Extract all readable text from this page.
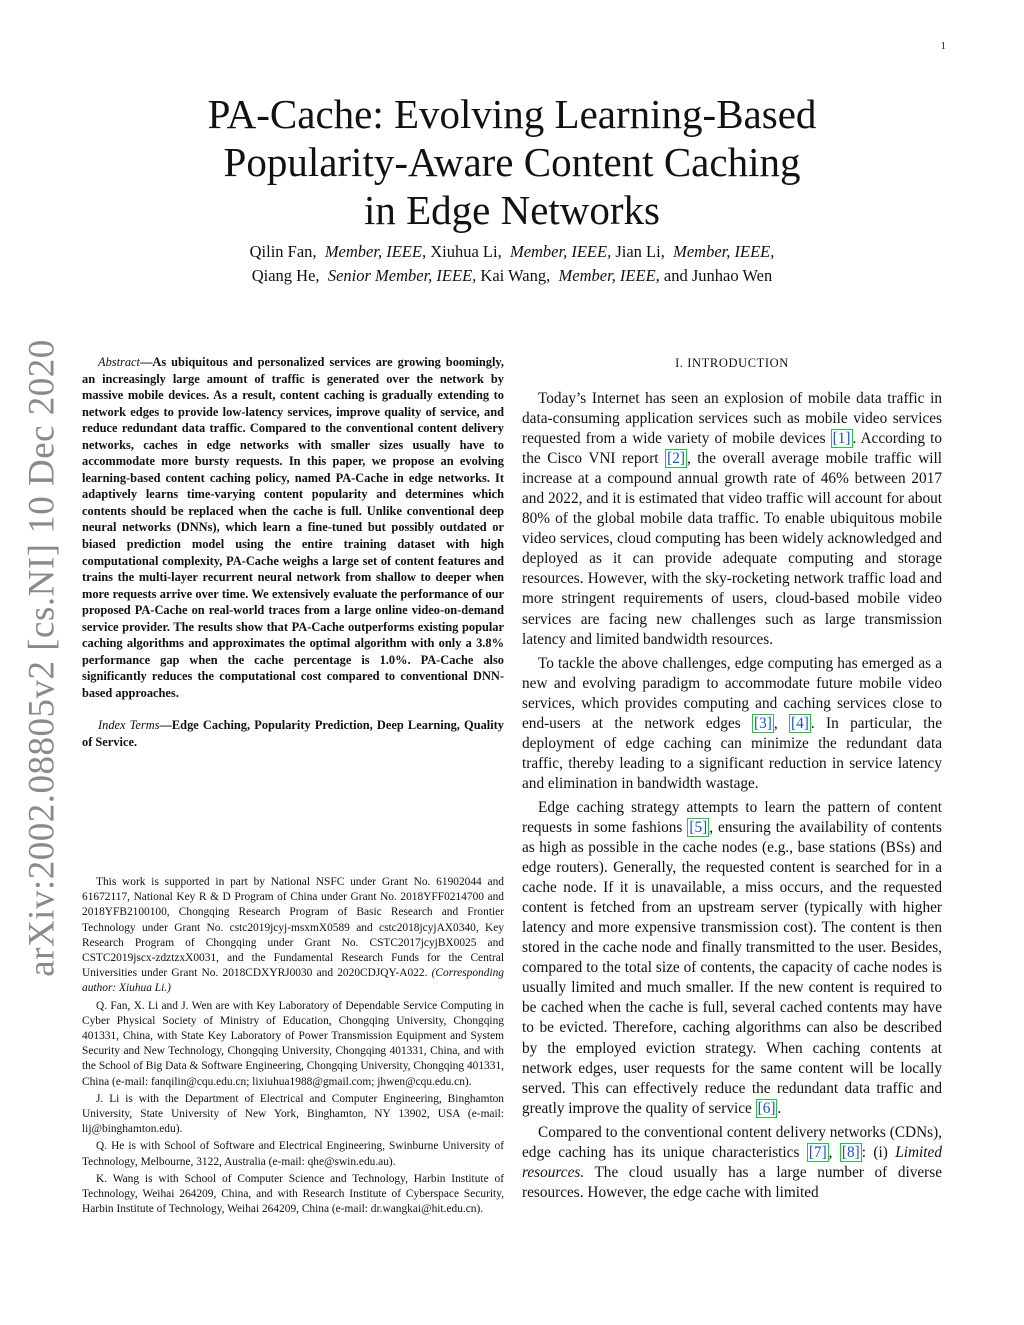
1
arXiv:2002.08805v2 [cs.NI] 10 Dec 2020
PA-Cache: Evolving Learning-Based
Popularity-Aware Content Caching
in Edge Networks
Qilin Fan, Member, IEEE, Xiuhua Li, Member, IEEE, Jian Li, Member, IEEE,
Qiang He, Senior Member, IEEE, Kai Wang, Member, IEEE, and Junhao Wen

Abstract—As ubiquitous and personalized services are growing boomingly, an increasingly large amount of traffic is generated over the network by massive mobile devices. As a result, content caching is gradually extending to network edges to provide low-latency services, improve quality of service, and reduce redundant data traffic. Compared to the conventional content delivery networks, caches in edge networks with smaller sizes usually have to accommodate more bursty requests. In this paper, we propose an evolving learning-based content caching policy, named PA-Cache in edge networks. It adaptively learns time-varying content popularity and determines which contents should be replaced when the cache is full. Unlike conventional deep neural networks (DNNs), which learn a fine-tuned but possibly outdated or biased prediction model using the entire training dataset with high computational complexity, PA-Cache weighs a large set of content features and trains the multi-layer recurrent neural network from shallow to deeper when more requests arrive over time. We extensively evaluate the performance of our proposed PA-Cache on real-world traces from a large online video-on-demand service provider. The results show that PA-Cache outperforms existing popular caching algorithms and approximates the optimal algorithm with only a 3.8% performance gap when the cache percentage is 1.0%. PA-Cache also significantly reduces the computational cost compared to conventional DNN-based approaches.

Index Terms—Edge Caching, Popularity Prediction, Deep Learning, Quality of Service.

This work is supported in part by National NSFC under Grant No. 61902044 and 61672117, National Key R & D Program of China under Grant No. 2018YFF0214700 and 2018YFB2100100, Chongqing Research Program of Basic Research and Frontier Technology under Grant No. cstc2019jcyj-msxmX0589 and cstc2018jcyjAX0340, Key Research Program of Chongqing under Grant No. CSTC2017jcyjBX0025 and CSTC2019jscx-zdztzxX0031, and the Fundamental Research Funds for the Central Universities under Grant No. 2018CDXYRJ0030 and 2020CDJQY-A022. (Corresponding author: Xiuhua Li.)

Q. Fan, X. Li and J. Wen are with Key Laboratory of Dependable Service Computing in Cyber Physical Society of Ministry of Education, Chongqing University, Chongqing 401331, China, with State Key Laboratory of Power Transmission Equipment and System Security and New Technology, Chongqing University, Chongqing 401331, China, and with the School of Big Data & Software Engineering, Chongqing University, Chongqing 401331, China (e-mail: fanqilin@cqu.edu.cn; lixiuhua1988@gmail.com; jhwen@cqu.edu.cn).

J. Li is with the Department of Electrical and Computer Engineering, Binghamton University, State University of New York, Binghamton, NY 13902, USA (e-mail: lij@binghamton.edu).

Q. He is with School of Software and Electrical Engineering, Swinburne University of Technology, Melbourne, 3122, Australia (e-mail: qhe@swin.edu.au).

K. Wang is with School of Computer Science and Technology, Harbin Institute of Technology, Weihai 264209, China, and with Research Institute of Cyberspace Security, Harbin Institute of Technology, Weihai 264209, China (e-mail: dr.wangkai@hit.edu.cn).

I. INTRODUCTION

Today’s Internet has seen an explosion of mobile data traffic in data-consuming application services such as mobile video services requested from a wide variety of mobile devices [1] . According to the Cisco VNI report [2] , the overall average mobile traffic will increase at a compound annual growth rate of 46% between 2017 and 2022, and it is estimated that video traffic will account for about 80% of the global mobile data traffic. To enable ubiquitous mobile video services, cloud computing has been widely acknowledged and deployed as it can provide adequate computing and storage resources. However, with the sky-rocketing network traffic load and more stringent requirements of users, cloud-based mobile video services are facing new challenges such as large transmission latency and limited bandwidth resources.

To tackle the above challenges, edge computing has emerged as a new and evolving paradigm to accommodate future mobile video services, which provides computing and caching services close to end-users at the network edges [3] , [4] . In particular, the deployment of edge caching can minimize the redundant data traffic, thereby leading to a significant reduction in service latency and elimination in bandwidth wastage.

Edge caching strategy attempts to learn the pattern of content requests in some fashions [5] , ensuring the availability of contents as high as possible in the cache nodes (e.g., base stations (BSs) and edge routers). Generally, the requested content is searched for in a cache node. If it is unavailable, a miss occurs, and the requested content is fetched from an upstream server (typically with higher latency and more expensive transmission cost). The content is then stored in the cache node and finally transmitted to the user. Besides, compared to the total size of contents, the capacity of cache nodes is usually limited and much smaller. If the new content is required to be cached when the cache is full, several cached contents may have to be evicted. Therefore, caching algorithms can also be described by the employed eviction strategy. When caching contents at network edges, user requests for the same content will be locally served. This can effectively reduce the redundant data traffic and greatly improve the quality of service [6] .

Compared to the conventional content delivery networks (CDNs), edge caching has its unique characteristics [7] , [8] : (i) Limited resources. The cloud usually has a large number of diverse resources. However, the edge cache with limited
